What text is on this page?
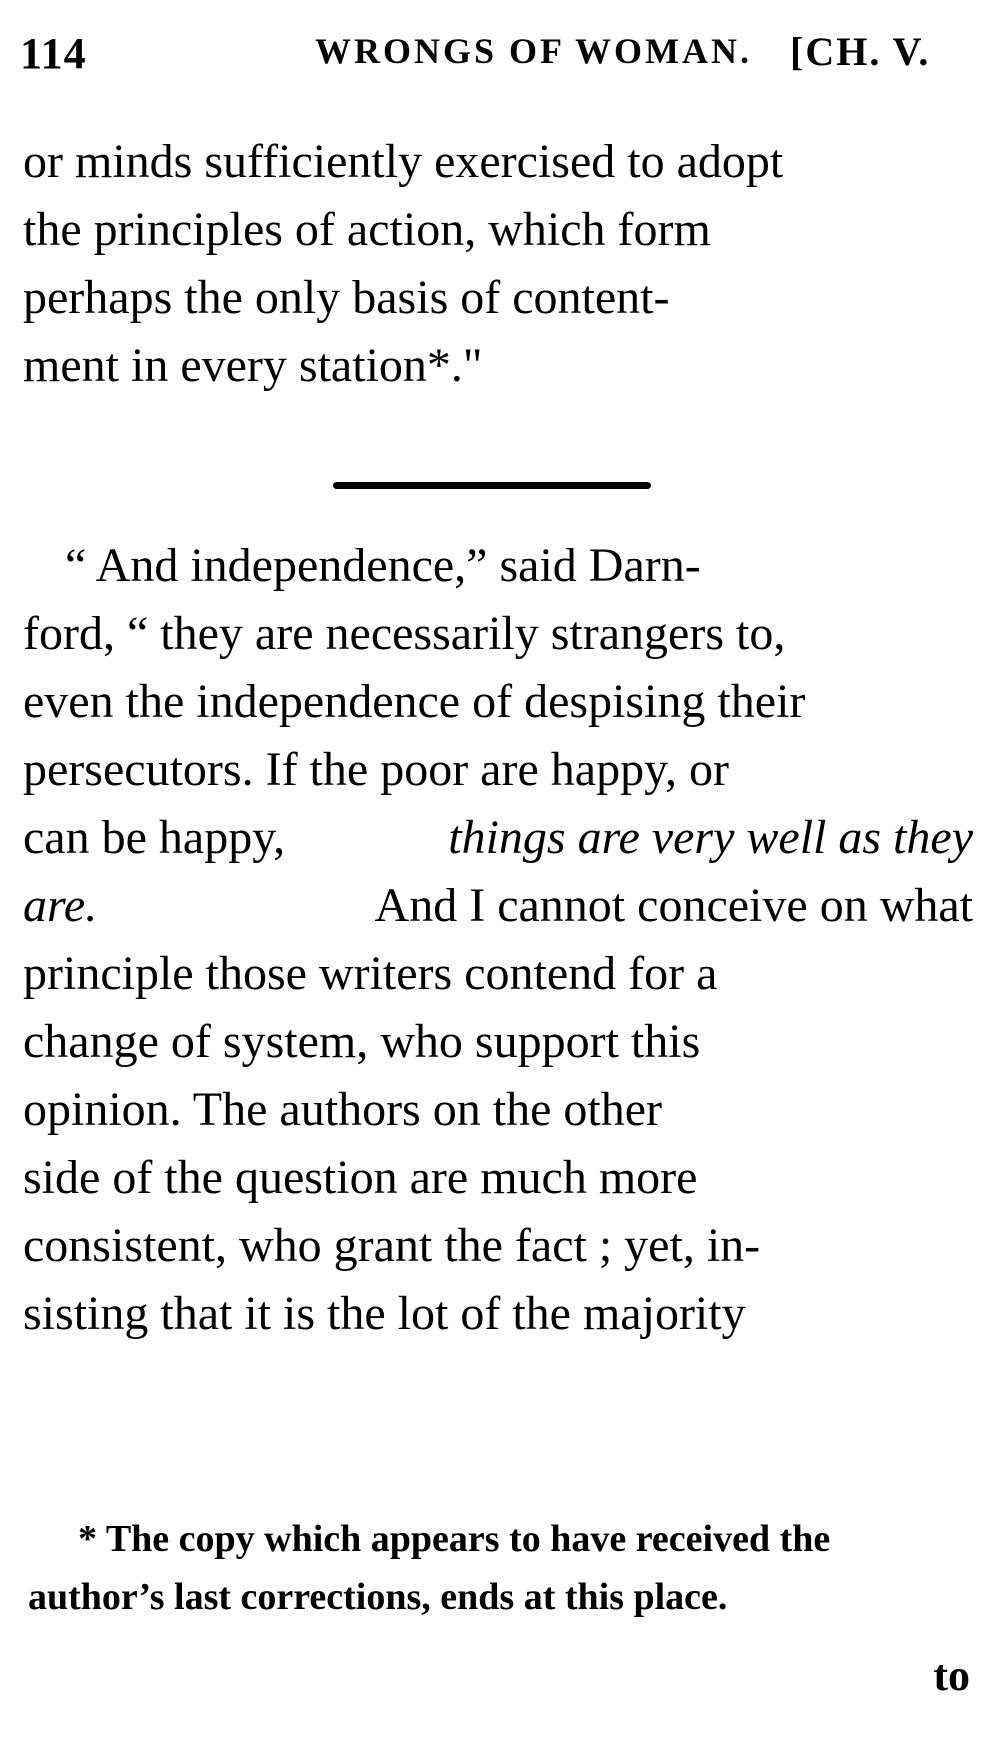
114	WRONGS OF WOMAN. [CH. V.
or minds sufficiently exercised to adopt
the principles of action, which form
perhaps the only basis of content-
ment in every station*."
“ And independence,” said Darn-
ford, “ they are necessarily strangers to,
even the independence of despising their
persecutors. If the poor are happy, or
can be happy,	things are very well as they
are.	And I cannot conceive on what
principle those writers contend for a
change of system, who support this
opinion. The authors on the other
side of the question are much more
consistent, who grant the fact ; yet, in-
sisting that it is the lot of the majority
* The copy which appears to have received the
author’s last corrections, ends at this place.
to
